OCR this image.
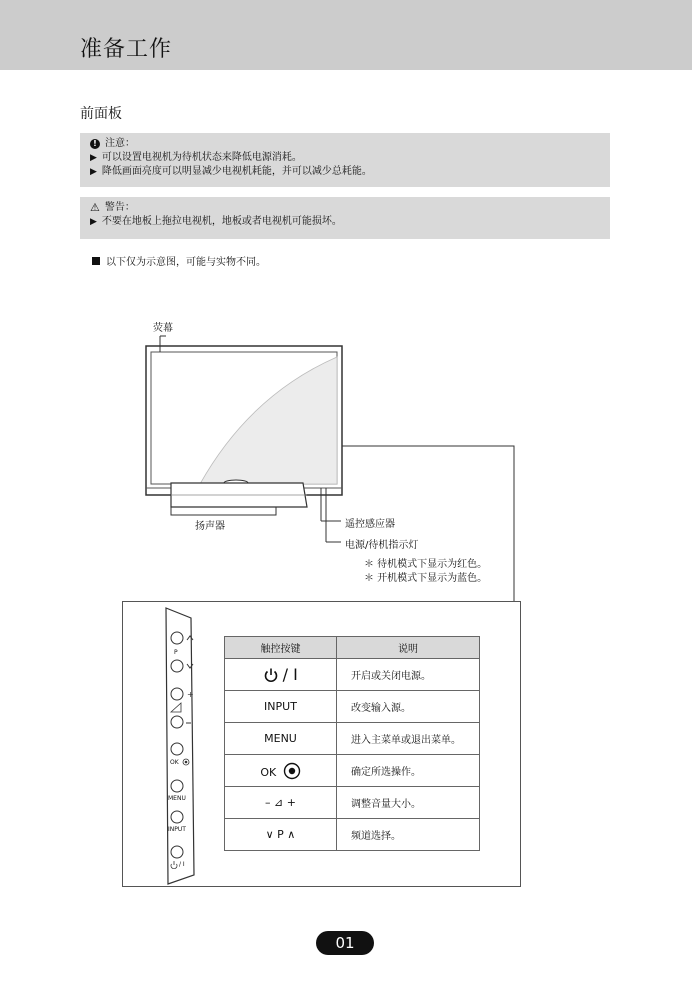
准备工作
前面板
! 注意：
▶ 可以设置电视机为待机状态来降低电源消耗。
▶ 降低画面亮度可以明显减少电视机耗能，并可以减少总耗能。
⚠ 警告：
▶ 不要在地板上拖拉电视机，地板或者电视机可能损坏。
以下仅为示意图，可能与实物不同。
荧幕
扬声器	遥控感应器
电源/待机指示灯
＊ 待机模式下显示为红色。
＊ 开机模式下显示为蓝色。
+
P
OK
MENU
INPUT
/ I
触控按键	说明
/ I	开启或关闭电源。
INPUT	改变输入源。
MENU	进入主菜单或退出菜单。
OK	确定所选操作。
– ⊿ +	调整音量大小。
∨ P ∧	频道选择。
01
